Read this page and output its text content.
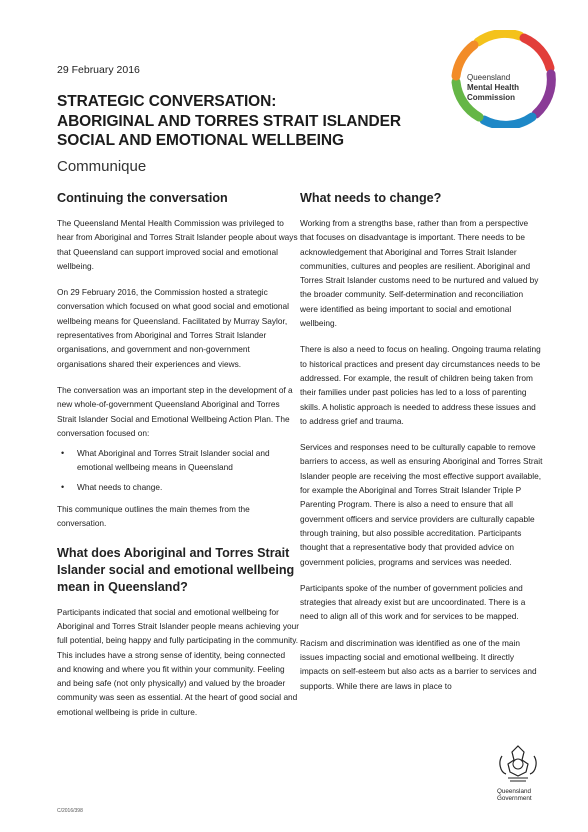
29 February 2016
Queensland
Mental Health
Commission
STRATEGIC CONVERSATION:
ABORIGINAL AND TORRES STRAIT ISLANDER
SOCIAL AND EMOTIONAL WELLBEING
Communique
Continuing the conversation

The Queensland Mental Health Commission was privileged to hear from Aboriginal and Torres Strait Islander people about ways that Queensland can support improved social and emotional wellbeing.

On 29 February 2016, the Commission hosted a strategic conversation which focused on what good social and emotional wellbeing means for Queensland. Facilitated by Murray Saylor, representatives from Aboriginal and Torres Strait Islander organisations, and government and non-government organisations shared their experiences and views.

The conversation was an important step in the development of a new whole-of-government Queensland Aboriginal and Torres Strait Islander Social and Emotional Wellbeing Action Plan. The conversation focused on:

• What Aboriginal and Torres Strait Islander social and emotional wellbeing means in Queensland
• What needs to change.

This communique outlines the main themes from the conversation.

What does Aboriginal and Torres Strait Islander social and emotional wellbeing mean in Queensland?

Participants indicated that social and emotional wellbeing for Aboriginal and Torres Strait Islander people means achieving your full potential, being happy and fully participating in the community. This includes have a strong sense of identity, being connected and knowing and where you fit within your community. Feeling and being safe (not only physically) and valued by the broader community was seen as essential. At the heart of good social and emotional wellbeing is pride in culture.

What needs to change?

Working from a strengths base, rather than from a perspective that focuses on disadvantage is important. There needs to be acknowledgement that Aboriginal and Torres Strait Islander communities, cultures and peoples are resilient. Aboriginal and Torres Strait Islander customs need to be nurtured and valued by the broader community. Self-determination and reconciliation were identified as being important to social and emotional wellbeing.

There is also a need to focus on healing. Ongoing trauma relating to historical practices and present day circumstances needs to be addressed. For example, the result of children being taken from their families under past policies has led to a loss of parenting skills. A holistic approach is needed to address these issues and to address grief and trauma.

Services and responses need to be culturally capable to remove barriers to access, as well as ensuring Aboriginal and Torres Strait Islander people are receiving the most effective support available, for example the Aboriginal and Torres Strait Islander Triple P Parenting Program. There is also a need to ensure that all government officers and service providers are culturally capable through training, but also possible accreditation. Participants thought that a representative body that provided advice on government policies, programs and services was needed.

Participants spoke of the number of government policies and strategies that already exist but are uncoordinated. There is a need to align all of this work and for services to be mapped.

Racism and discrimination was identified as one of the main issues impacting social and emotional wellbeing. It directly impacts on self-esteem but also acts as a barrier to services and supports. While there are laws in place to

C/2016/398
Queensland
Government
